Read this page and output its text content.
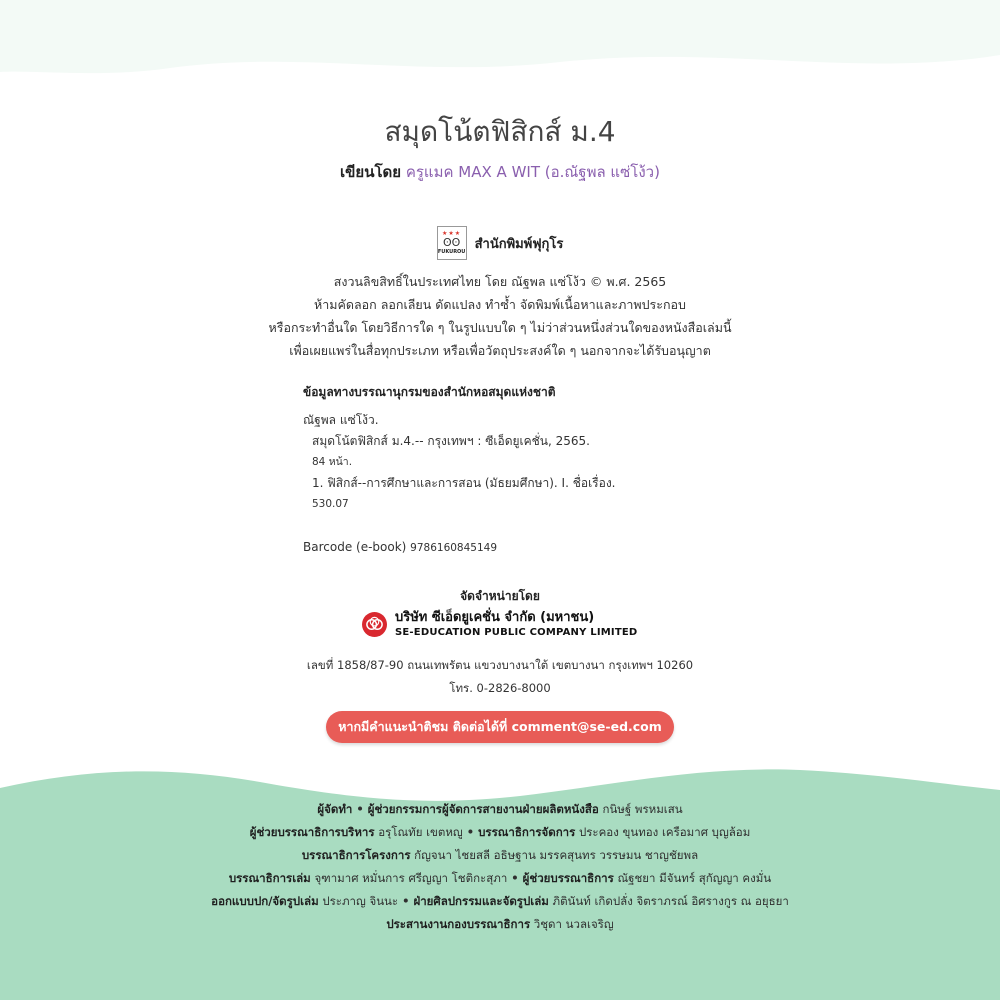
สมุดโน้ตฟิสิกส์ ม.4
เขียนโดย ครูแมค MAX A WIT (อ.ณัฐพล แซ่โง้ว)
★★★
ʘʘ
FUKUROU สำนักพิมพ์ฟุกุโร
สงวนลิขสิทธิ์ในประเทศไทย โดย ณัฐพล แซ่โง้ว © พ.ศ. 2565
ห้ามคัดลอก ลอกเลียน ดัดแปลง ทำซ้ำ จัดพิมพ์เนื้อหาและภาพประกอบ
หรือกระทำอื่นใด โดยวิธีการใด ๆ ในรูปแบบใด ๆ ไม่ว่าส่วนหนึ่งส่วนใดของหนังสือเล่มนี้
เพื่อเผยแพร่ในสื่อทุกประเภท หรือเพื่อวัตถุประสงค์ใด ๆ นอกจากจะได้รับอนุญาต
ข้อมูลทางบรรณานุกรมของสำนักหอสมุดแห่งชาติ
ณัฐพล แซ่โง้ว.
สมุดโน้ตฟิสิกส์ ม.4.-- กรุงเทพฯ : ซีเอ็ดยูเคชั่น, 2565.
84 หน้า.
1. ฟิสิกส์--การศึกษาและการสอน (มัธยมศึกษา). I. ชื่อเรื่อง.
530.07
Barcode (e-book) 9786160845149
จัดจำหน่ายโดย
บริษัท ซีเอ็ดยูเคชั่น จำกัด (มหาชน)
SE-EDUCATION PUBLIC COMPANY LIMITED
เลขที่ 1858/87-90 ถนนเทพรัตน แขวงบางนาใต้ เขตบางนา กรุงเทพฯ 10260
โทร. 0-2826-8000
หากมีคำแนะนำติชม ติดต่อได้ที่ comment@se-ed.com
ผู้จัดทำ • ผู้ช่วยกรรมการผู้จัดการสายงานฝ่ายผลิตหนังสือ กนิษฐ์ พรหมเสน
ผู้ช่วยบรรณาธิการบริหาร อรุโณทัย เขตหญู • บรรณาธิการจัดการ ประคอง ขุนทอง เครือมาศ บุญล้อม
บรรณาธิการโครงการ กัญจนา ไชยสลี อธิษฐาน มรรคสุนทร วรรษมน ชาญชัยพล
บรรณาธิการเล่ม จุฑามาศ หมั่นการ ศรีญญา โชติกะสุภา • ผู้ช่วยบรรณาธิการ ณัฐชยา มีจันทร์ สุกัญญา คงมั่น
ออกแบบปก/จัดรูปเล่ม ประภาญ จินนะ • ฝ่ายศิลปกรรมและจัดรูปเล่ม ภิตินันท์ เกิดปลั่ง จิตราภรณ์ อิศรางกูร ณ อยุธยา
ประสานงานกองบรรณาธิการ วิชุดา นวลเจริญ
